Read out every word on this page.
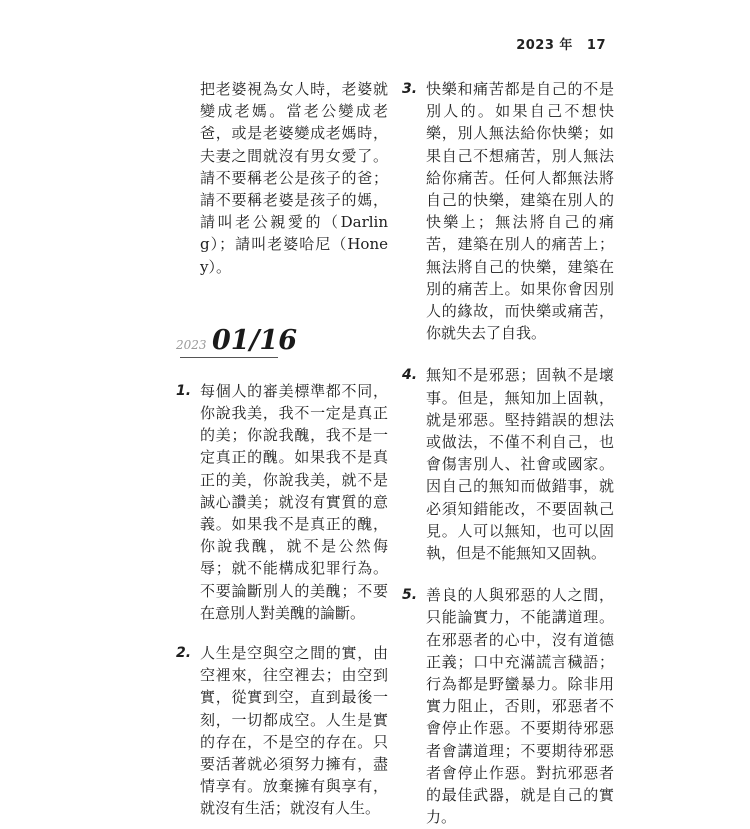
2023 年 17

把老婆視為女人時，老婆就變成老媽。當老公變成老爸，或是老婆變成老媽時，夫妻之間就沒有男女愛了。請不要稱老公是孩子的爸；請不要稱老婆是孩子的媽，請叫老公親愛的（Darling）；請叫老婆哈尼（Honey）。

2023 01/16
1. 每個人的審美標準都不同，你說我美，我不一定是真正的美；你說我醜，我不是一定真正的醜。如果我不是真正的美，你說我美，就不是誠心讚美；就沒有實質的意義。如果我不是真正的醜，你說我醜，就不是公然侮辱；就不能構成犯罪行為。不要論斷別人的美醜；不要在意別人對美醜的論斷。

2. 人生是空與空之間的實，由空裡來，往空裡去；由空到實，從實到空，直到最後一刻，一切都成空。人生是實的存在，不是空的存在。只要活著就必須努力擁有，盡情享有。放棄擁有與享有，就沒有生活；就沒有人生。

3. 快樂和痛苦都是自己的不是別人的。如果自己不想快樂，別人無法給你快樂；如果自己不想痛苦，別人無法給你痛苦。任何人都無法將自己的快樂，建築在別人的快樂上；無法將自己的痛苦，建築在別人的痛苦上；無法將自己的快樂，建築在別的痛苦上。如果你會因別人的緣故，而快樂或痛苦，你就失去了自我。

4. 無知不是邪惡；固執不是壞事。但是，無知加上固執，就是邪惡。堅持錯誤的想法或做法，不僅不利自己，也會傷害別人、社會或國家。因自己的無知而做錯事，就必須知錯能改，不要固執己見。人可以無知，也可以固執，但是不能無知又固執。

5. 善良的人與邪惡的人之間，只能論實力，不能講道理。在邪惡者的心中，沒有道德正義；口中充滿謊言穢語；行為都是野蠻暴力。除非用實力阻止，否則，邪惡者不會停止作惡。不要期待邪惡者會講道理；不要期待邪惡者會停止作惡。對抗邪惡者的最佳武器，就是自己的實力。
